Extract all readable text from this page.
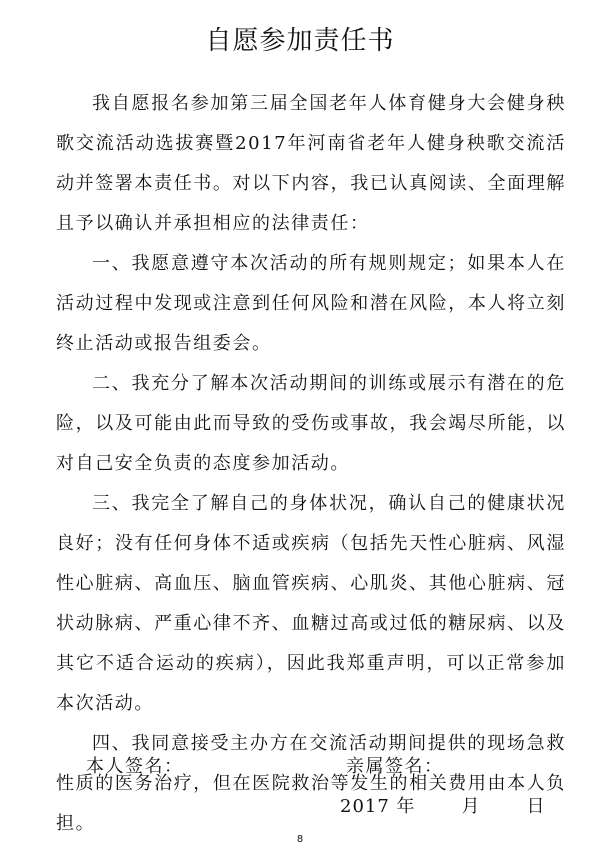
自愿参加责任书

我自愿报名参加第三届全国老年人体育健身大会健身秧歌交流活动选拔赛暨2017年河南省老年人健身秧歌交流活动并签署本责任书。对以下内容，我已认真阅读、全面理解且予以确认并承担相应的法律责任：

一、我愿意遵守本次活动的所有规则规定；如果本人在活动过程中发现或注意到任何风险和潜在风险，本人将立刻终止活动或报告组委会。

二、我充分了解本次活动期间的训练或展示有潜在的危险，以及可能由此而导致的受伤或事故，我会竭尽所能，以对自己安全负责的态度参加活动。

三、我完全了解自己的身体状况，确认自己的健康状况良好；没有任何身体不适或疾病（包括先天性心脏病、风湿性心脏病、高血压、脑血管疾病、心肌炎、其他心脏病、冠状动脉病、严重心律不齐、血糖过高或过低的糖尿病、以及其它不适合运动的疾病），因此我郑重声明，可以正常参加本次活动。

四、我同意接受主办方在交流活动期间提供的现场急救性质的医务治疗，但在医院救治等发生的相关费用由本人负担。

本人签名：	亲属签名：
2017 年	月	日
8
